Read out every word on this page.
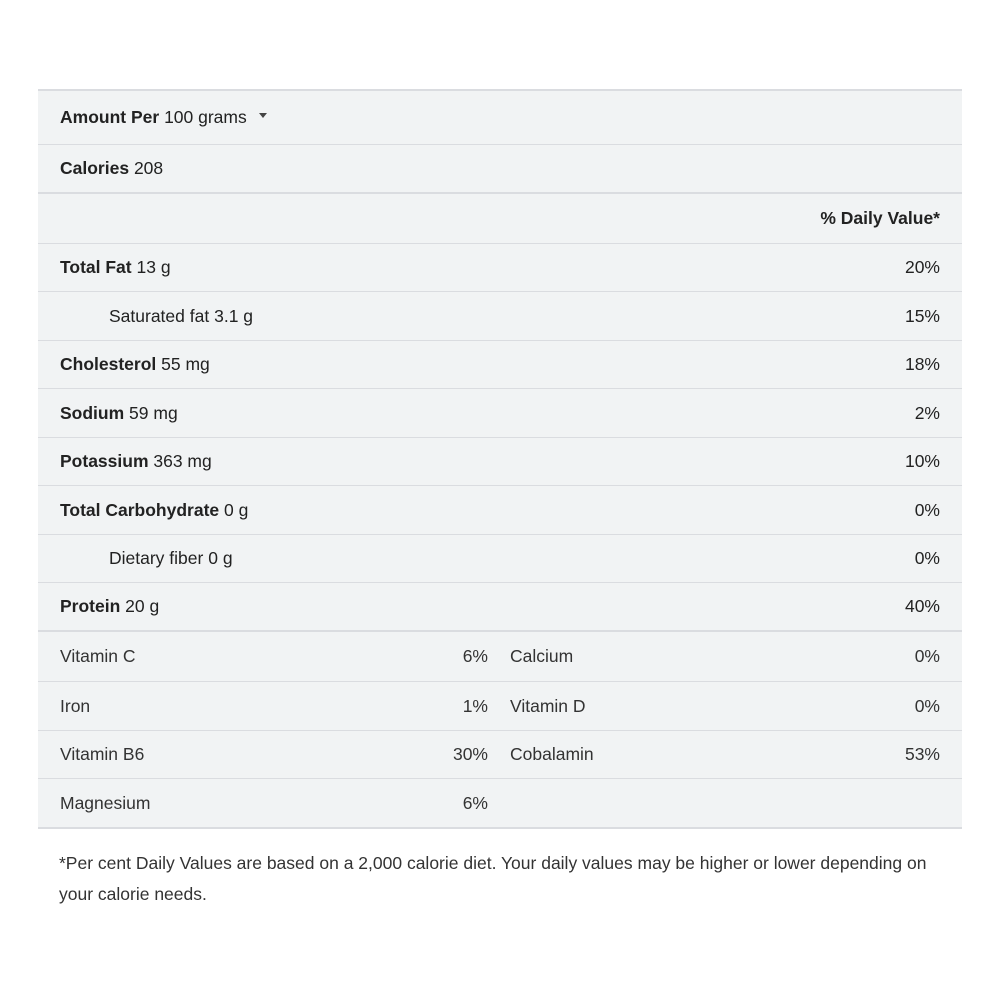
Amount Per
100 grams
Calories 208
% Daily Value*
Total Fat 13 g	20%
Saturated fat 3.1 g	15%
Cholesterol 55 mg	18%
Sodium 59 mg	2%
Potassium 363 mg	10%
Total Carbohydrate 0 g	0%
Dietary fiber 0 g	0%
Protein 20 g	40%
Vitamin C	6% Calcium	0%
Iron	1% Vitamin D	0%
Vitamin B6	30% Cobalamin	53%
Magnesium	6%
*Per cent Daily Values are based on a 2,000 calorie diet. Your daily values may be higher or lower depending on your calorie needs.
